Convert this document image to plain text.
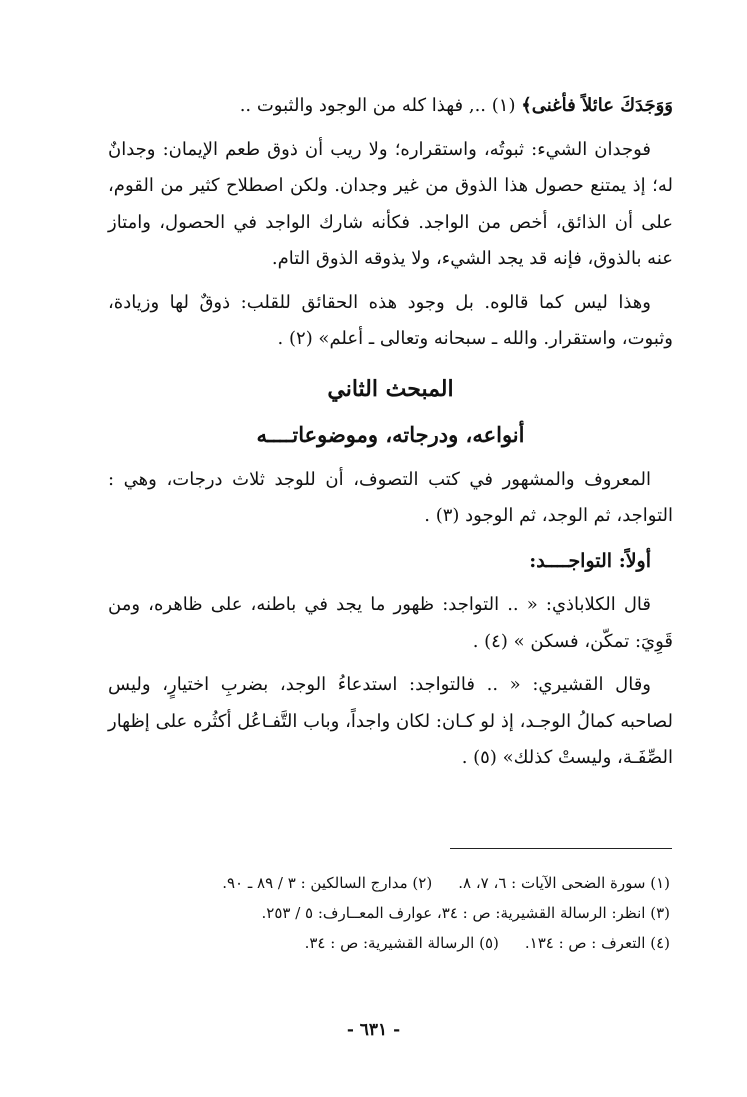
وَوَجَدَكَ عائلاً فأغنى﴾ (١) .., فهذا كله من الوجود والثبوت ..

فوجدان الشيء: ثبوتُه، واستقراره؛ ولا ريب أن ذوق طعم الإيمان: وجدانٌ له؛ إذ يمتنع حصول هذا الذوق من غير وجدان. ولكن اصطلاح كثير من القوم، على أن الذائق، أخص من الواجد. فكأنه شارك الواجد في الحصول، وامتاز عنه بالذوق، فإنه قد يجد الشيء، ولا يذوقه الذوق التام.

وهذا ليس كما قالوه. بل وجود هذه الحقائق للقلب: ذوقٌ لها وزيادة، وثبوت، واستقرار. والله ـ سبحانه وتعالى ـ أعلم» (٢) .

المبحث الثاني
أنواعه، ودرجاته، وموضوعاتــــه

المعروف والمشهور في كتب التصوف، أن للوجد ثلاث درجات، وهي : التواجد، ثم الوجد، ثم الوجود (٣) .

أولاً: التواجــــد:

قال الكلاباذي: « .. التواجد: ظهور ما يجد في باطنه، على ظاهره، ومن قَوِيَ: تمكّن، فسكن » (٤) .

وقال القشيري: « .. فالتواجد: استدعاءُ الوجد، بضربِ اختيارٍ، وليس لصاحبه كمالُ الوجـد، إذ لو كـان: لكان واجداً، وباب التَّفـاعُل أكثُره على إظهار الصِّفَـة، وليستْ كذلك» (٥) .

(١) سورة الضحى الآيات : ٦، ٧، ٨.
(٢) مدارج السالكين : ٣ / ٨٩ ـ ٩٠.
(٣) انظر: الرسالة القشيرية: ص : ٣٤، عوارف المعــارف: ٥ / ٢٥٣.
(٤) التعرف : ص : ١٣٤.
(٥) الرسالة القشيرية: ص : ٣٤.
- ٦٣١ -
